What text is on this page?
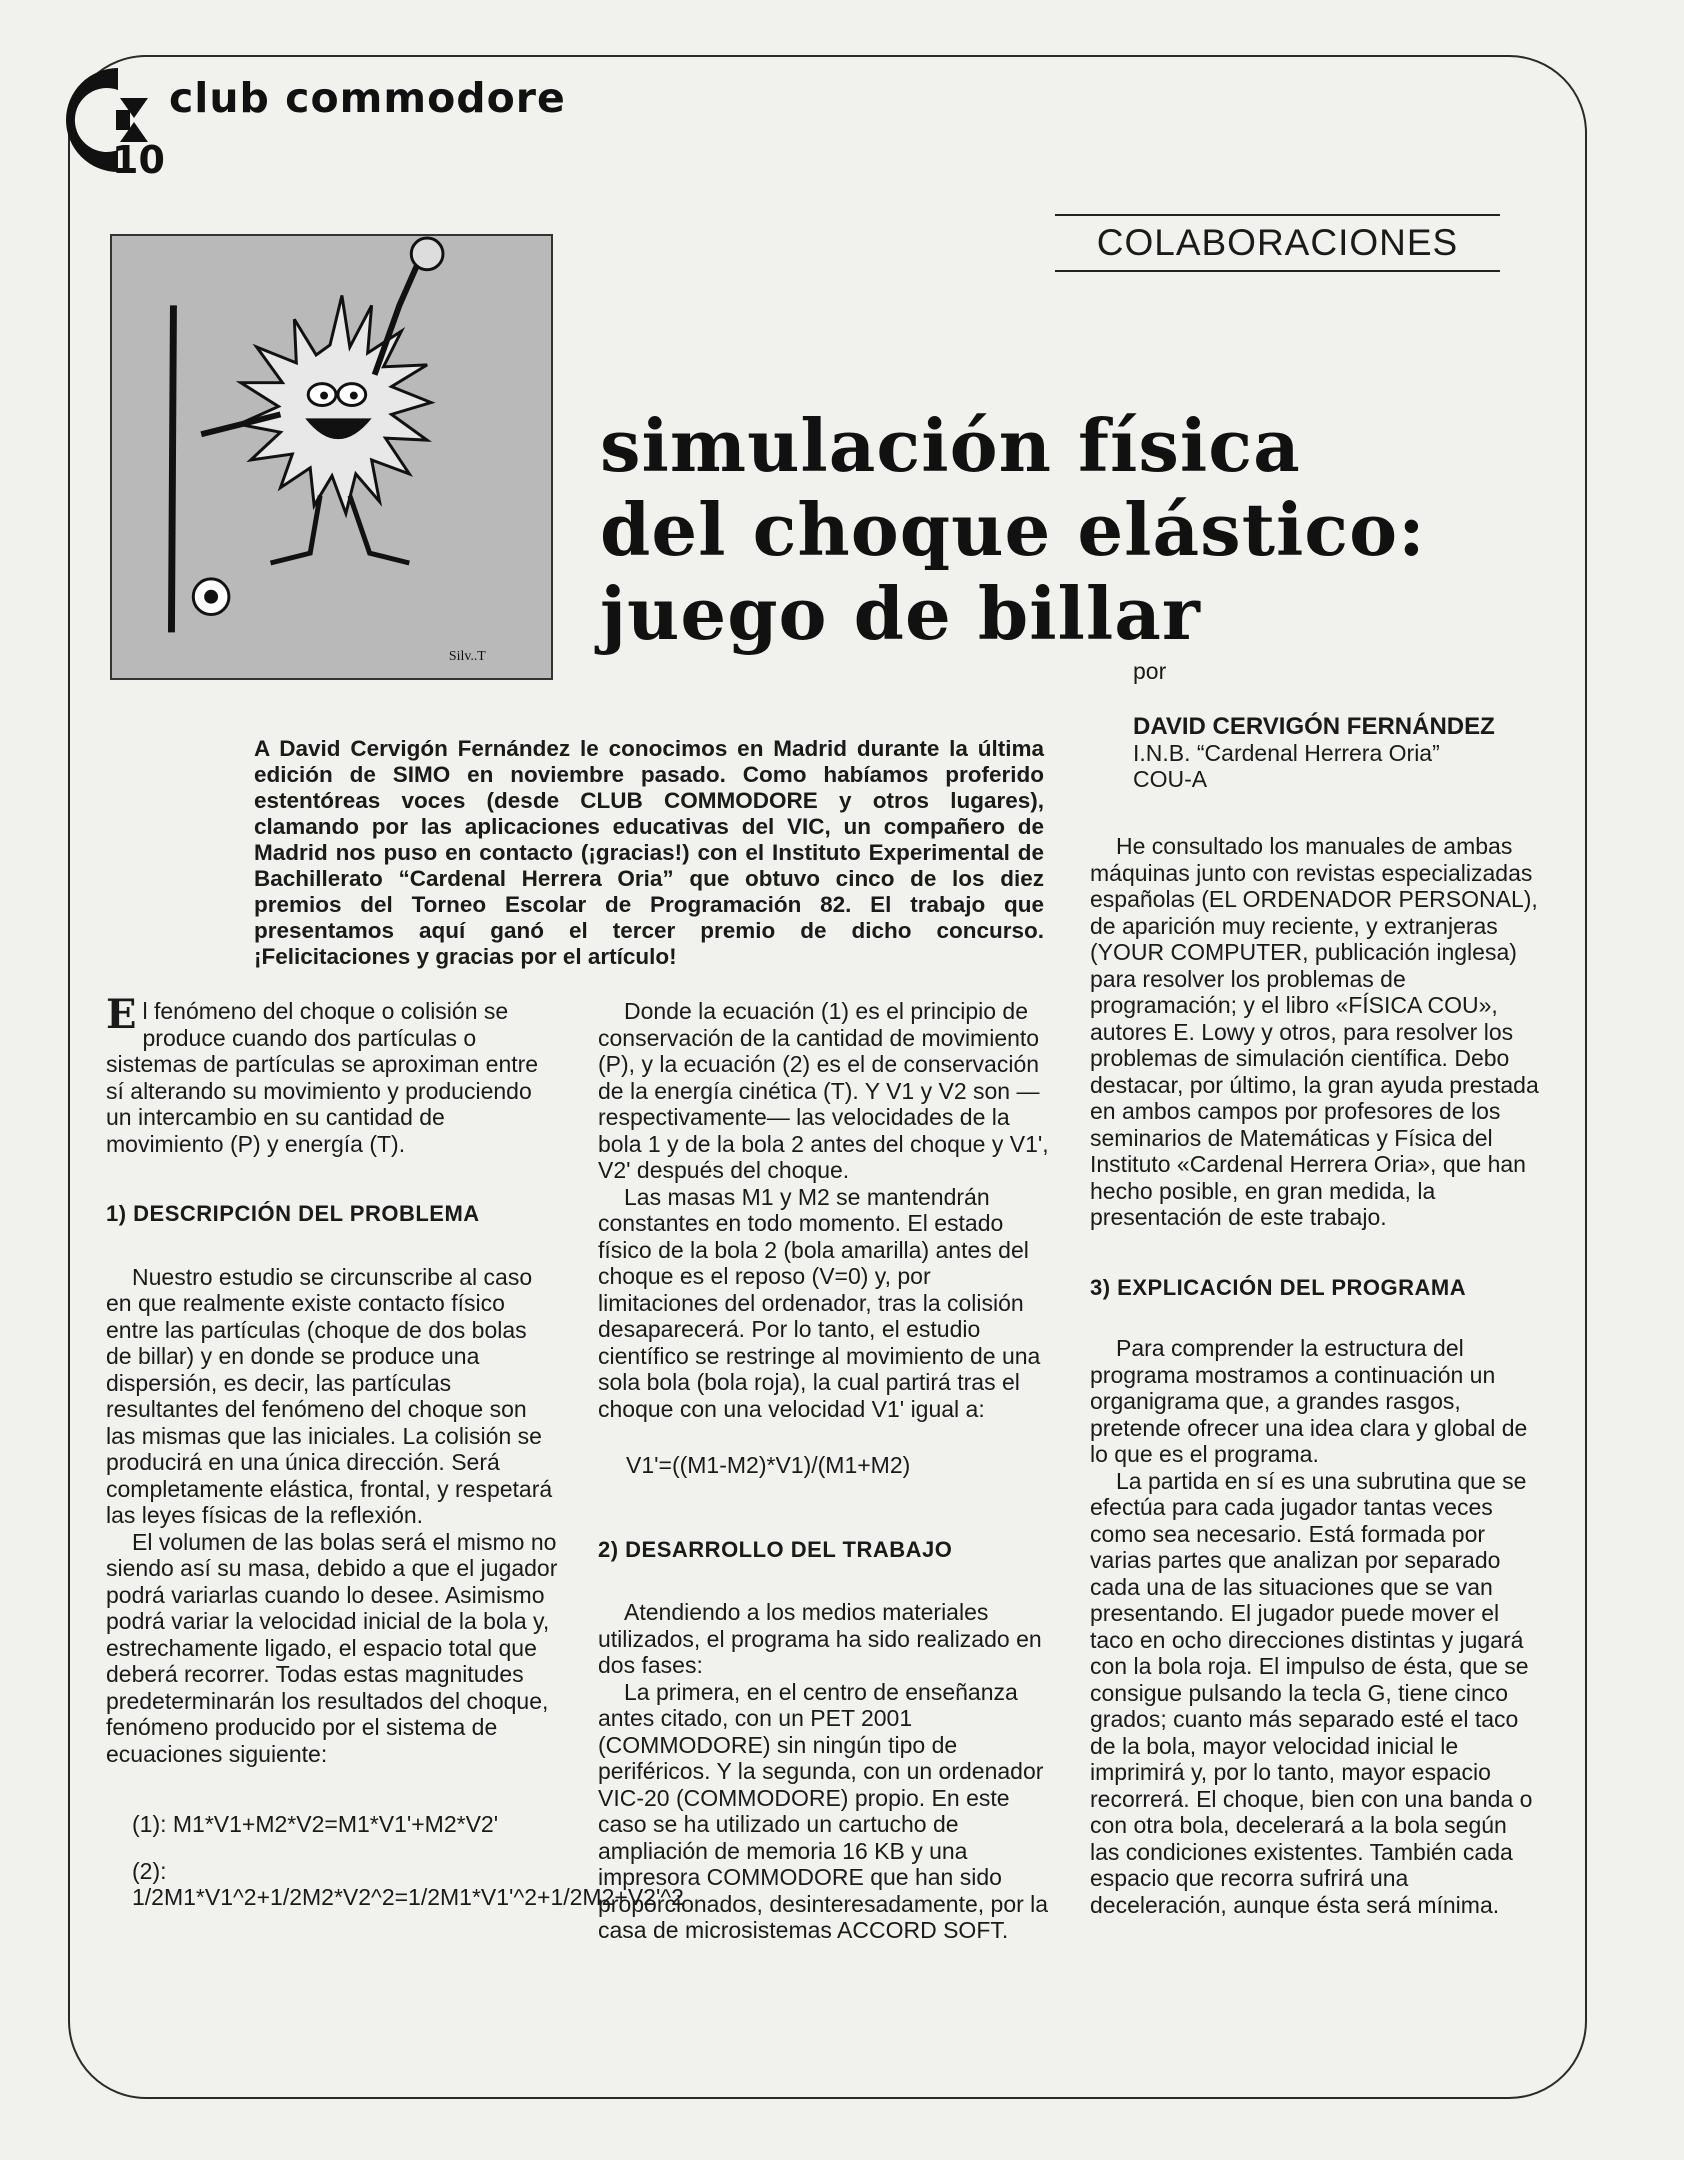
club commodore
10
COLABORACIONES
Silv..T
simulación física
del choque elástico:
juego de billar
por
DAVID CERVIGÓN FERNÁNDEZ
I.N.B. “Cardenal Herrera Oria”
COU-A
A David Cervigón Fernández le conocimos en Madrid durante la última edición de SIMO en noviembre pasado. Como habíamos proferido estentóreas voces (desde CLUB COMMODORE y otros lugares), clamando por las aplicaciones educativas del VIC, un compañero de Madrid nos puso en contacto (¡gracias!) con el Instituto Experimental de Bachillerato “Cardenal Herrera Oria” que obtuvo cinco de los diez premios del Torneo Escolar de Programación 82. El trabajo que presentamos aquí ganó el tercer premio de dicho concurso. ¡Felicitaciones y gracias por el artículo!

El fenómeno del choque o colisión se produce cuando dos partículas o sistemas de partículas se aproximan entre sí alterando su movimiento y produciendo un intercambio en su cantidad de movimiento (P) y energía (T).

1) DESCRIPCIÓN DEL PROBLEMA

Nuestro estudio se circunscribe al caso en que realmente existe contacto físico entre las partículas (choque de dos bolas de billar) y en donde se produce una dispersión, es decir, las partículas resultantes del fenómeno del choque son las mismas que las iniciales. La colisión se producirá en una única dirección. Será completamente elástica, frontal, y respetará las leyes físicas de la reflexión.

El volumen de las bolas será el mismo no siendo así su masa, debido a que el jugador podrá variarlas cuando lo desee. Asimismo podrá variar la velocidad inicial de la bola y, estrechamente ligado, el espacio total que deberá recorrer. Todas estas magnitudes predeterminarán los resultados del choque, fenómeno producido por el sistema de ecuaciones siguiente:

(1): M1*V1+M2*V2=M1*V1'+M2*V2'

(2): 1/2M1*V1^2+1/2M2*V2^2=1/2M1*V1'^2+1/2M2+V2'^2

Donde la ecuación (1) es el principio de conservación de la cantidad de movimiento (P), y la ecuación (2) es el de conservación de la energía cinética (T). Y V1 y V2 son —respectivamente— las velocidades de la bola 1 y de la bola 2 antes del choque y V1', V2' después del choque.

Las masas M1 y M2 se mantendrán constantes en todo momento. El estado físico de la bola 2 (bola amarilla) antes del choque es el reposo (V=0) y, por limitaciones del ordenador, tras la colisión desaparecerá. Por lo tanto, el estudio científico se restringe al movimiento de una sola bola (bola roja), la cual partirá tras el choque con una velocidad V1' igual a:

V1'=((M1-M2)*V1)/(M1+M2)

2) DESARROLLO DEL TRABAJO

Atendiendo a los medios materiales utilizados, el programa ha sido realizado en dos fases:

La primera, en el centro de enseñanza antes citado, con un PET 2001 (COMMODORE) sin ningún tipo de periféricos. Y la segunda, con un ordenador VIC-20 (COMMODORE) propio. En este caso se ha utilizado un cartucho de ampliación de memoria 16 KB y una impresora COMMODORE que han sido proporcionados, desinteresadamente, por la casa de microsistemas ACCORD SOFT.

He consultado los manuales de ambas máquinas junto con revistas especializadas españolas (EL ORDENADOR PERSONAL), de aparición muy reciente, y extranjeras (YOUR COMPUTER, publicación inglesa) para resolver los problemas de programación; y el libro «FÍSICA COU», autores E. Lowy y otros, para resolver los problemas de simulación científica. Debo destacar, por último, la gran ayuda prestada en ambos campos por profesores de los seminarios de Matemáticas y Física del Instituto «Cardenal Herrera Oria», que han hecho posible, en gran medida, la presentación de este trabajo.

3) EXPLICACIÓN DEL PROGRAMA

Para comprender la estructura del programa mostramos a continuación un organigrama que, a grandes rasgos, pretende ofrecer una idea clara y global de lo que es el programa.

La partida en sí es una subrutina que se efectúa para cada jugador tantas veces como sea necesario. Está formada por varias partes que analizan por separado cada una de las situaciones que se van presentando. El jugador puede mover el taco en ocho direcciones distintas y jugará con la bola roja. El impulso de ésta, que se consigue pulsando la tecla G, tiene cinco grados; cuanto más separado esté el taco de la bola, mayor velocidad inicial le imprimirá y, por lo tanto, mayor espacio recorrerá. El choque, bien con una banda o con otra bola, decelerará a la bola según las condiciones existentes. También cada espacio que recorra sufrirá una deceleración, aunque ésta será mínima.
